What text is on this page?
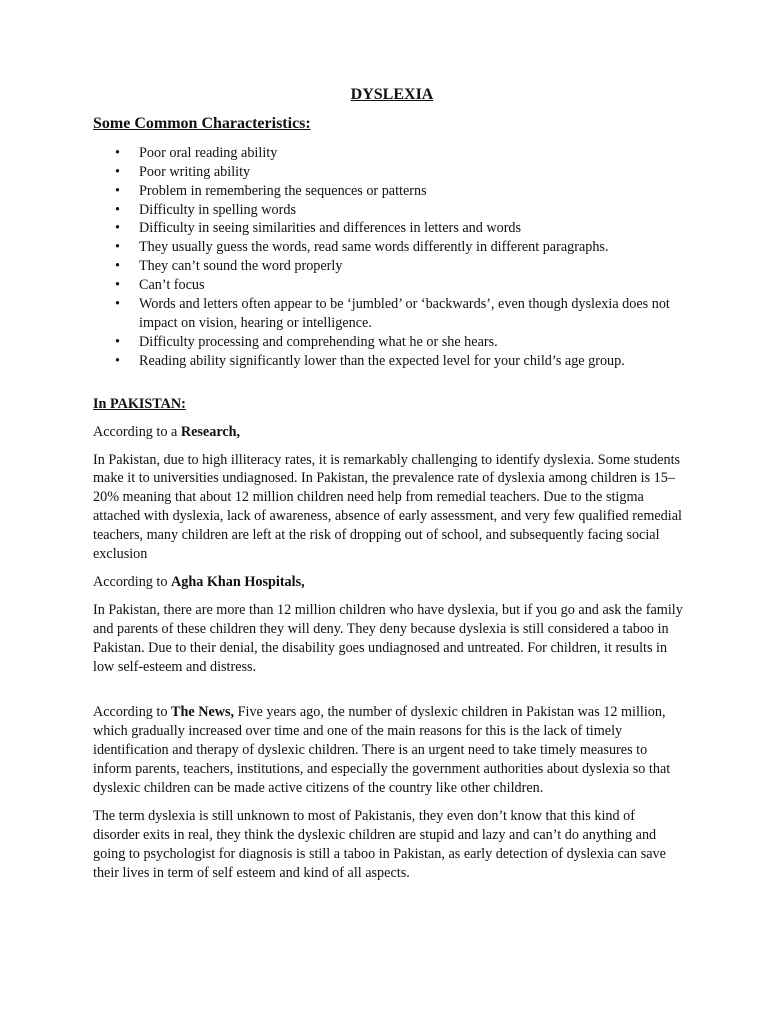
DYSLEXIA
Some Common Characteristics:
• Poor oral reading ability
• Poor writing ability
• Problem in remembering the sequences or patterns
• Difficulty in spelling words
• Difficulty in seeing similarities and differences in letters and words
• They usually guess the words, read same words differently in different paragraphs.
• They can’t sound the word properly
• Can’t focus
• Words and letters often appear to be ‘jumbled’ or ‘backwards’, even though dyslexia does not impact on vision, hearing or intelligence.
• Difficulty processing and comprehending what he or she hears.
• Reading ability significantly lower than the expected level for your child’s age group.
In PAKISTAN:

According to a Research,

In Pakistan, due to high illiteracy rates, it is remarkably challenging to identify dyslexia. Some students make it to universities undiagnosed. In Pakistan, the prevalence rate of dyslexia among children is 15–20% meaning that about 12 million children need help from remedial teachers. Due to the stigma attached with dyslexia, lack of awareness, absence of early assessment, and very few qualified remedial teachers, many children are left at the risk of dropping out of school, and subsequently facing social exclusion

According to Agha Khan Hospitals,

In Pakistan, there are more than 12 million children who have dyslexia, but if you go and ask the family and parents of these children they will deny. They deny because dyslexia is still considered a taboo in Pakistan. Due to their denial, the disability goes undiagnosed and untreated. For children, it results in low self-esteem and distress.

According to The News, Five years ago, the number of dyslexic children in Pakistan was 12 million, which gradually increased over time and one of the main reasons for this is the lack of timely identification and therapy of dyslexic children. There is an urgent need to take timely measures to inform parents, teachers, institutions, and especially the government authorities about dyslexia so that dyslexic children can be made active citizens of the country like other children.

The term dyslexia is still unknown to most of Pakistanis, they even don’t know that this kind of disorder exits in real, they think the dyslexic children are stupid and lazy and can’t do anything and going to psychologist for diagnosis is still a taboo in Pakistan, as early detection of dyslexia can save their lives in term of self esteem and kind of all aspects.
